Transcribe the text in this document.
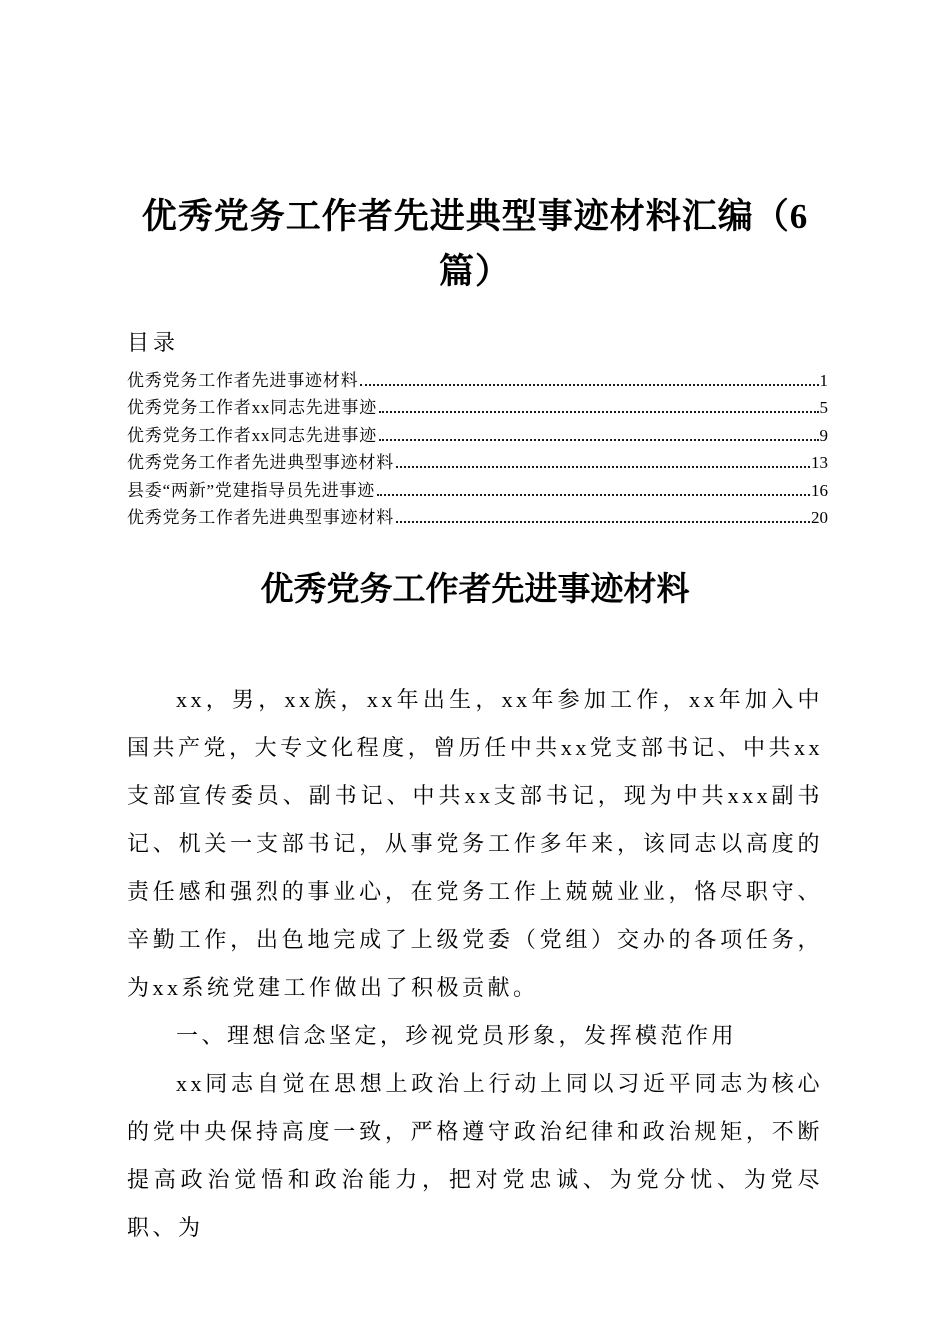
优秀党务工作者先进典型事迹材料汇编（6
篇）
目录
优秀党务工作者先进事迹材料	1
优秀党务工作者xx同志先进事迹	5
优秀党务工作者xx同志先进事迹	9
优秀党务工作者先进典型事迹材料	13
县委“两新”党建指导员先进事迹	16
优秀党务工作者先进典型事迹材料	20
优秀党务工作者先进事迹材料

xx，男，xx族，xx年出生，xx年参加工作，xx年加入中国共产党，大专文化程度，曾历任中共xx党支部书记、中共xx支部宣传委员、副书记、中共xx支部书记，现为中共xxx副书记、机关一支部书记，从事党务工作多年来，该同志以高度的责任感和强烈的事业心，在党务工作上兢兢业业，恪尽职守、辛勤工作，出色地完成了上级党委（党组）交办的各项任务，为xx系统党建工作做出了积极贡献。

一、理想信念坚定，珍视党员形象，发挥模范作用

xx同志自觉在思想上政治上行动上同以习近平同志为核心的党中央保持高度一致，严格遵守政治纪律和政治规矩，不断提高政治觉悟和政治能力，把对党忠诚、为党分忧、为党尽职、为
